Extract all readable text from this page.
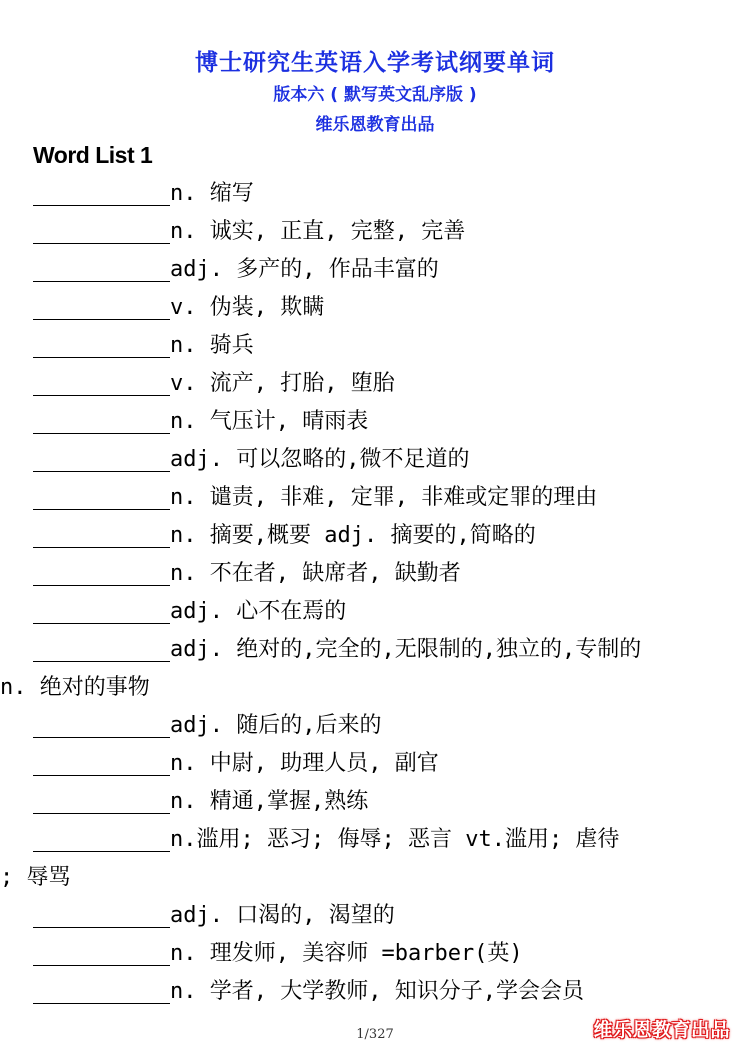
博士研究生英语入学考试纲要单词
版本六 ( 默写英文乱序版 )
维乐恩教育出品
Word List 1
n. 缩写
n. 诚实, 正直, 完整, 完善
adj. 多产的, 作品丰富的
v. 伪装, 欺瞒
n. 骑兵
v. 流产, 打胎, 堕胎
n. 气压计, 晴雨表
adj. 可以忽略的,微不足道的
n. 谴责, 非难, 定罪, 非难或定罪的理由
n. 摘要,概要 adj. 摘要的,简略的
n. 不在者, 缺席者, 缺勤者
adj. 心不在焉的
adj. 绝对的,完全的,无限制的,独立的,专制的
n. 绝对的事物
adj. 随后的,后来的
n. 中尉, 助理人员, 副官
n. 精通,掌握,熟练
n.滥用; 恶习; 侮辱; 恶言 vt.滥用; 虐待
; 辱骂
adj. 口渴的, 渴望的
n. 理发师, 美容师 =barber(英)
n. 学者, 大学教师, 知识分子,学会会员
1/327	维乐恩教育出品
